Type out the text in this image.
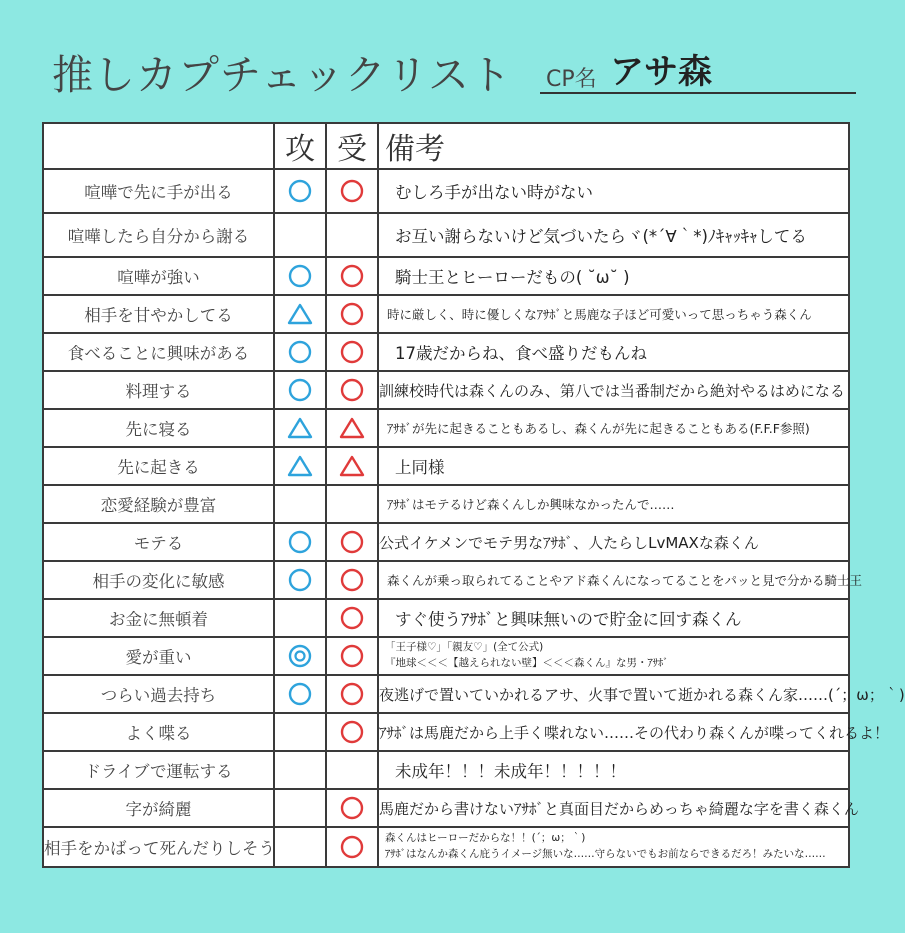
推しカプチェックリスト CP名 アサ森
	攻	受	備考
喧嘩で先に手が出る			むしろ手が出ない時がない

喧嘩したら自分から謝る			お互い謝らないけど気づいたらヾ(*´∀｀*)ﾉｷｬｯｷｬしてる

喧嘩が強い			騎士王とヒーローだもの( ˘ω˘ )

相手を甘やかしてる			時に厳しく、時に優しくなｱｻﾎﾞと馬鹿な子ほど可愛いって思っちゃう森くん

食べることに興味がある			17歳だからね、食べ盛りだもんね

料理する			訓練校時代は森くんのみ、第八では当番制だから絶対やるはめになる

先に寝る			ｱｻﾎﾞが先に起きることもあるし、森くんが先に起きることもある(F.F.F参照)

先に起きる			上同様

恋愛経験が豊富			ｱｻﾎﾞはモテるけど森くんしか興味なかったんで……

モテる			公式イケメンでモテ男なｱｻﾎﾞ、人たらしLvMAXな森くん

相手の変化に敏感			森くんが乗っ取られてることやアド森くんになってることをパッと見で分かる騎士王

お金に無頓着			すぐ使うｱｻﾎﾞと興味無いので貯金に回す森くん

愛が重い			「王子様♡」「親友♡」(全て公式)
『地球＜＜＜【越えられない壁】＜＜＜森くん』な男・ｱｻﾎﾞ

つらい過去持ち			夜逃げで置いていかれるアサ、火事で置いて逝かれる森くん家……(´；ω；｀)

よく喋る			ｱｻﾎﾞは馬鹿だから上手く喋れない……その代わり森くんが喋ってくれるよ！

ドライブで運転する			未成年！！！未成年！！！！！

字が綺麗			馬鹿だから書けないｱｻﾎﾞと真面目だからめっちゃ綺麗な字を書く森くん

相手をかばって死んだりしそう			森くんはヒーローだからな！！(´；ω；｀)
ｱｻﾎﾞはなんか森くん庇うイメージ無いな……守らないでもお前ならできるだろ！みたいな……
